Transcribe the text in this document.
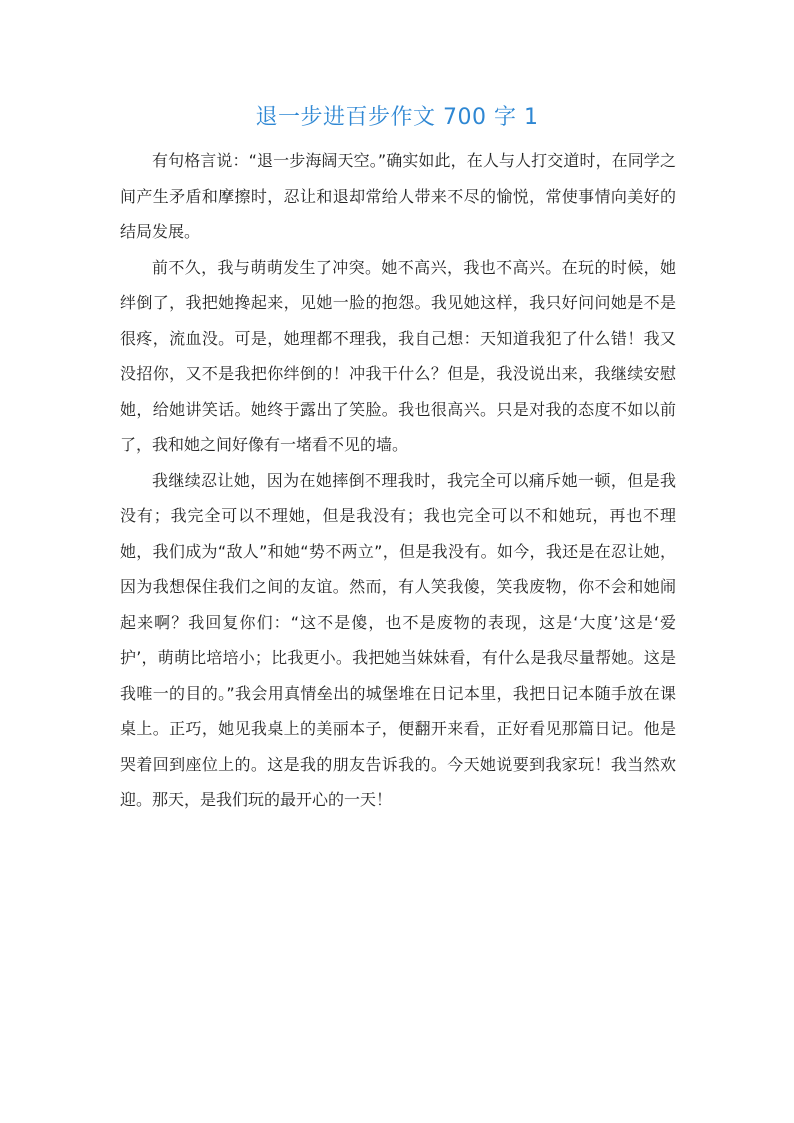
退一步进百步作文 700 字 1

有句格言说：“退一步海阔天空。”确实如此，在人与人打交道时，在同学之间产生矛盾和摩擦时，忍让和退却常给人带来不尽的愉悦，常使事情向美好的结局发展。

前不久，我与萌萌发生了冲突。她不高兴，我也不高兴。在玩的时候，她绊倒了，我把她搀起来，见她一脸的抱怨。我见她这样，我只好问问她是不是很疼，流血没。可是，她理都不理我，我自己想：天知道我犯了什么错！我又没招你，又不是我把你绊倒的！冲我干什么？但是，我没说出来，我继续安慰她，给她讲笑话。她终于露出了笑脸。我也很高兴。只是对我的态度不如以前了，我和她之间好像有一堵看不见的墙。

我继续忍让她，因为在她摔倒不理我时，我完全可以痛斥她一顿，但是我没有；我完全可以不理她，但是我没有；我也完全可以不和她玩，再也不理她，我们成为“敌人”和她“势不两立”，但是我没有。如今，我还是在忍让她，因为我想保住我们之间的友谊。然而，有人笑我傻，笑我废物，你不会和她闹起来啊？我回复你们：“这不是傻，也不是废物的表现，这是‘大度’这是‘爱护’，萌萌比培培小；比我更小。我把她当妹妹看，有什么是我尽量帮她。这是我唯一的目的。”我会用真情垒出的城堡堆在日记本里，我把日记本随手放在课桌上。正巧，她见我桌上的美丽本子，便翻开来看，正好看见那篇日记。他是哭着回到座位上的。这是我的朋友告诉我的。今天她说要到我家玩！我当然欢迎。那天，是我们玩的最开心的一天！
